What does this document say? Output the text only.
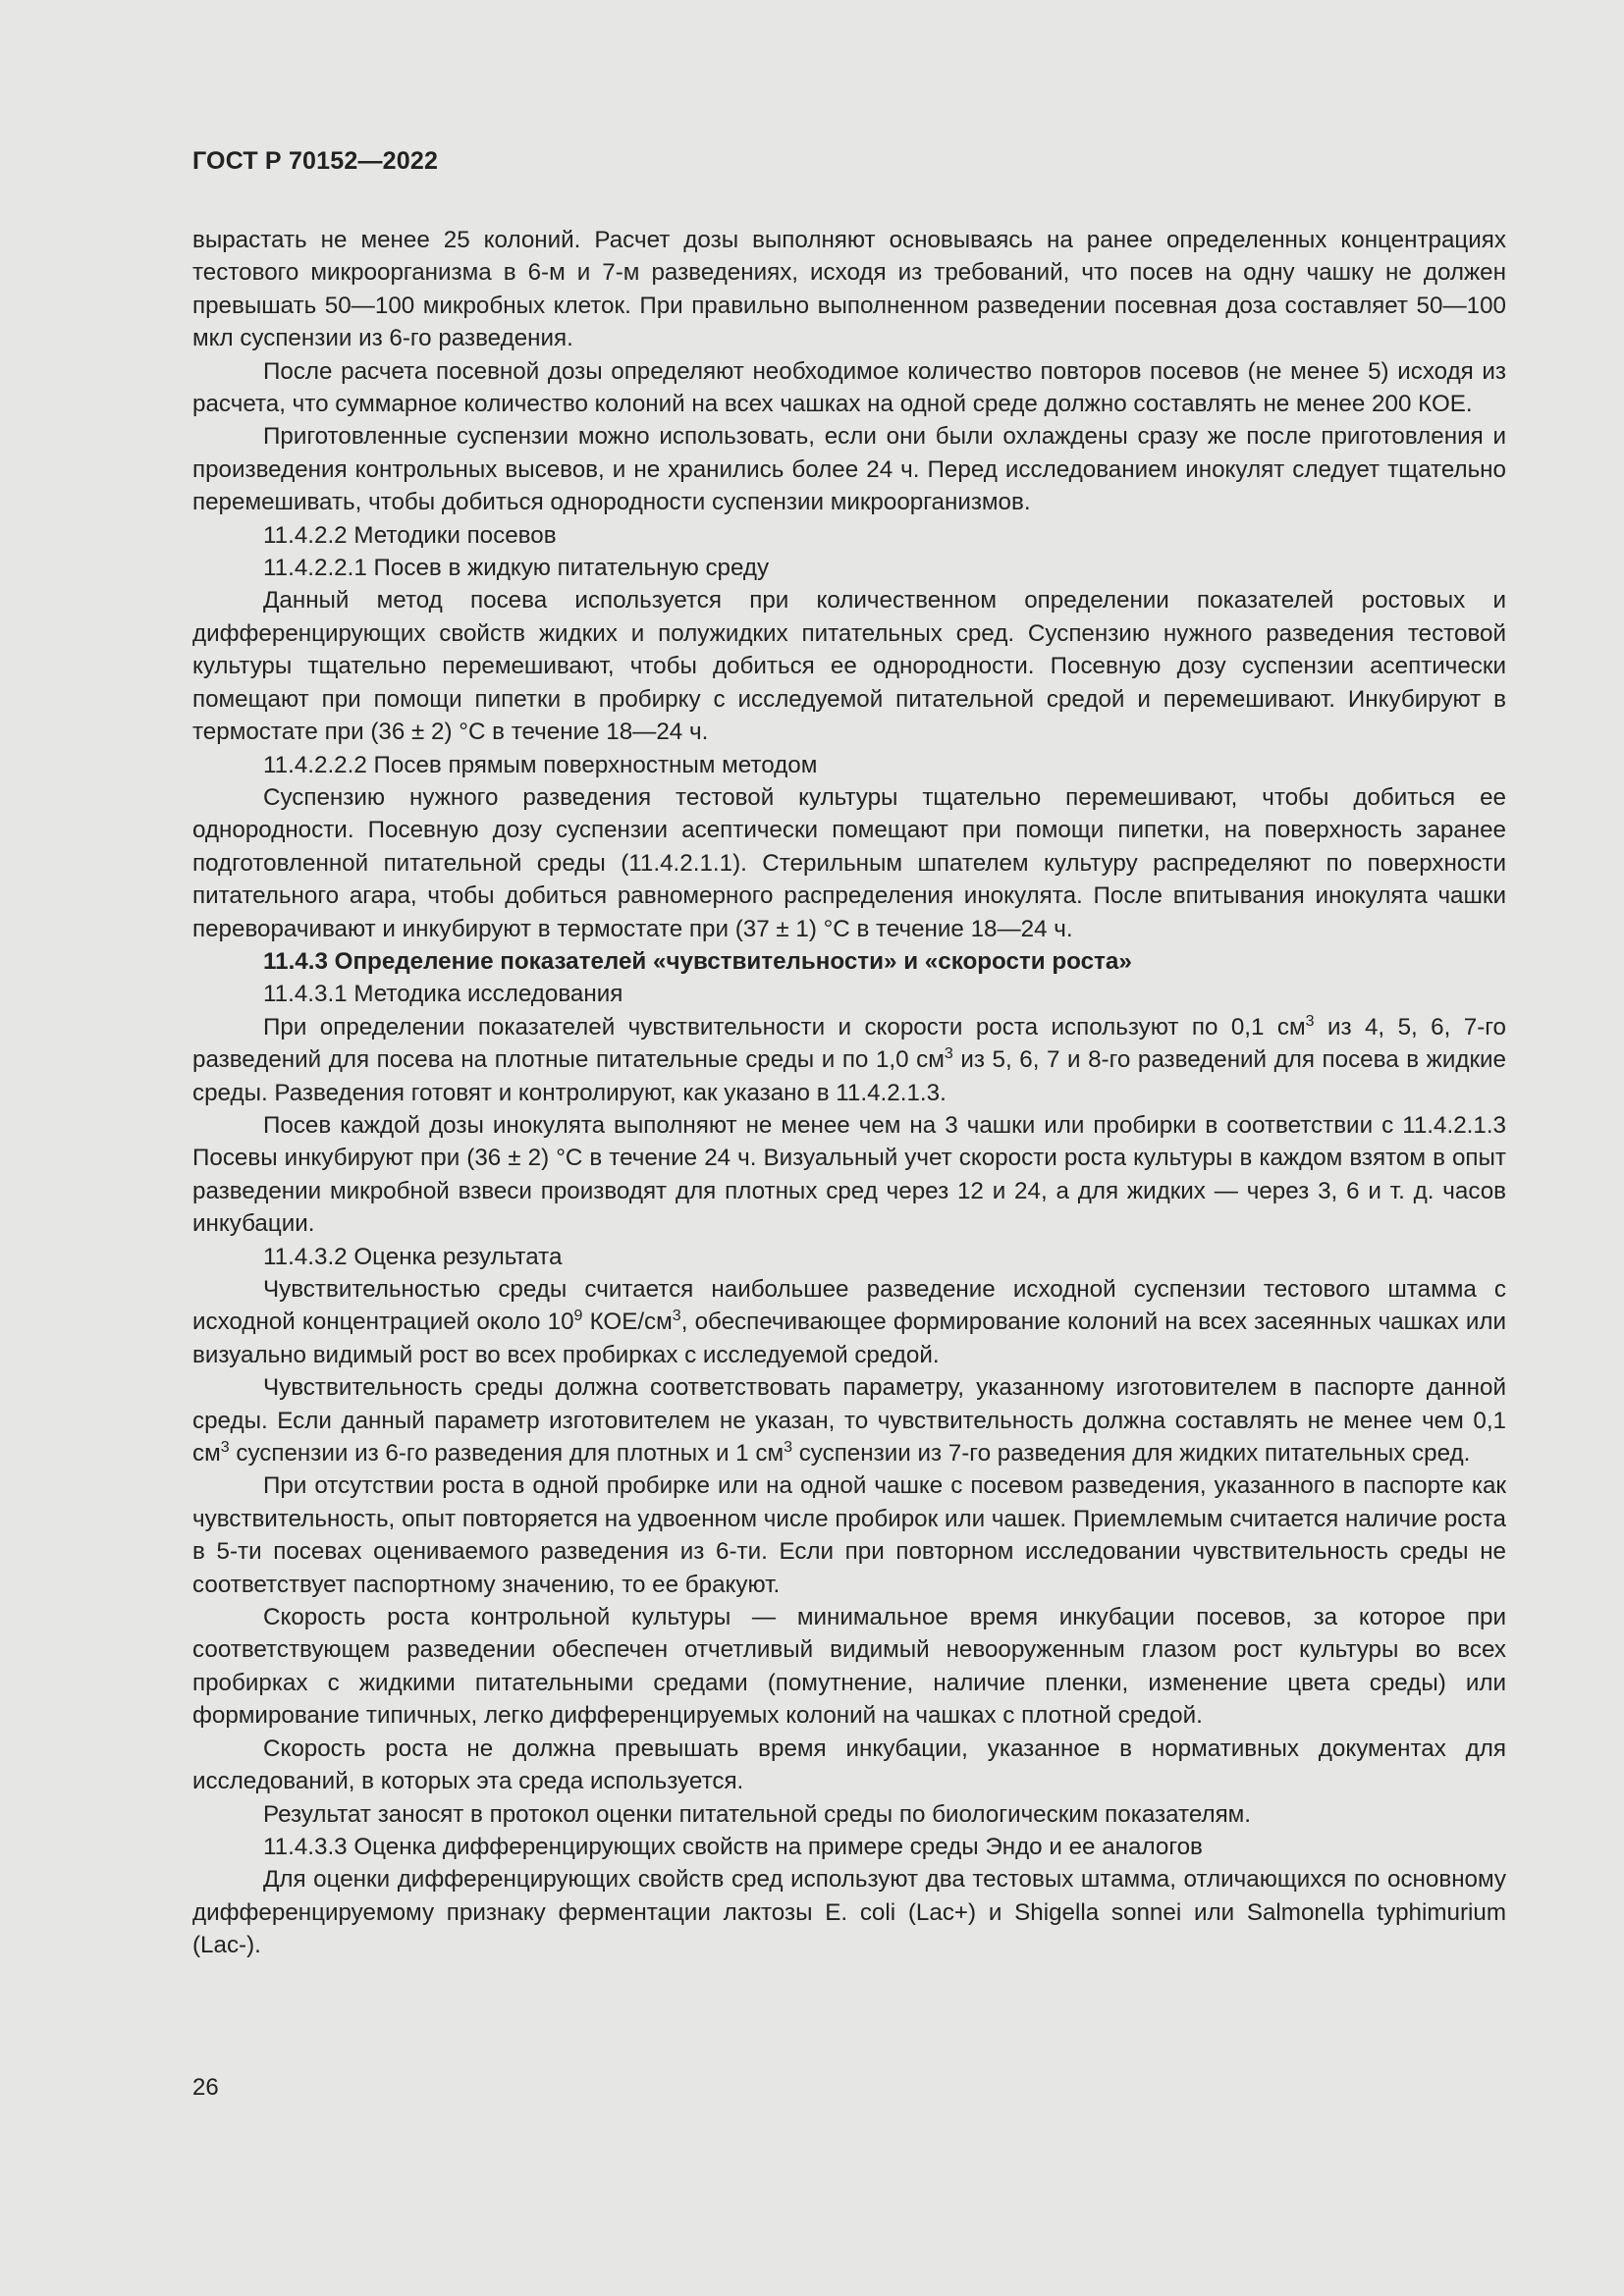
ГОСТ Р 70152—2022

вырастать не менее 25 колоний. Расчет дозы выполняют основываясь на ранее определенных концентрациях тестового микроорганизма в 6-м и 7-м разведениях, исходя из требований, что посев на одну чашку не должен превышать 50—100 микробных клеток. При правильно выполненном разведении посевная доза составляет 50—100 мкл суспензии из 6-го разведения.

После расчета посевной дозы определяют необходимое количество повторов посевов (не менее 5) исходя из расчета, что суммарное количество колоний на всех чашках на одной среде должно составлять не менее 200 КОЕ.

Приготовленные суспензии можно использовать, если они были охлаждены сразу же после приготовления и произведения контрольных высевов, и не хранились более 24 ч. Перед исследованием инокулят следует тщательно перемешивать, чтобы добиться однородности суспензии микроорганизмов.

11.4.2.2 Методики посевов

11.4.2.2.1 Посев в жидкую питательную среду

Данный метод посева используется при количественном определении показателей ростовых и дифференцирующих свойств жидких и полужидких питательных сред. Суспензию нужного разведения тестовой культуры тщательно перемешивают, чтобы добиться ее однородности. Посевную дозу суспензии асептически помещают при помощи пипетки в пробирку с исследуемой питательной средой и перемешивают. Инкубируют в термостате при (36 ± 2) °С в течение 18—24 ч.

11.4.2.2.2 Посев прямым поверхностным методом

Суспензию нужного разведения тестовой культуры тщательно перемешивают, чтобы добиться ее однородности. Посевную дозу суспензии асептически помещают при помощи пипетки, на поверхность заранее подготовленной питательной среды (11.4.2.1.1). Стерильным шпателем культуру распределяют по поверхности питательного агара, чтобы добиться равномерного распределения инокулята. После впитывания инокулята чашки переворачивают и инкубируют в термостате при (37 ± 1) °С в течение 18—24 ч.

11.4.3 Определение показателей «чувствительности» и «скорости роста»

11.4.3.1 Методика исследования

При определении показателей чувствительности и скорости роста используют по 0,1 $см^3$ из 4, 5, 6, 7-го разведений для посева на плотные питательные среды и по 1,0 $см^3$ из 5, 6, 7 и 8-го разведений для посева в жидкие среды. Разведения готовят и контролируют, как указано в 11.4.2.1.3.

Посев каждой дозы инокулята выполняют не менее чем на 3 чашки или пробирки в соответствии с 11.4.2.1.3 Посевы инкубируют при (36 ± 2) °С в течение 24 ч. Визуальный учет скорости роста культуры в каждом взятом в опыт разведении микробной взвеси производят для плотных сред через 12 и 24, а для жидких — через 3, 6 и т. д. часов инкубации.

11.4.3.2 Оценка результата

Чувствительностью среды считается наибольшее разведение исходной суспензии тестового штамма с исходной концентрацией около $10^9$ КОЕ/$см^3$, обеспечивающее формирование колоний на всех засеянных чашках или визуально видимый рост во всех пробирках с исследуемой средой.

Чувствительность среды должна соответствовать параметру, указанному изготовителем в паспорте данной среды. Если данный параметр изготовителем не указан, то чувствительность должна составлять не менее чем 0,1 $см^3$ суспензии из 6-го разведения для плотных и 1 $см^3$ суспензии из 7-го разведения для жидких питательных сред.

При отсутствии роста в одной пробирке или на одной чашке с посевом разведения, указанного в паспорте как чувствительность, опыт повторяется на удвоенном числе пробирок или чашек. Приемлемым считается наличие роста в 5-ти посевах оцениваемого разведения из 6-ти. Если при повторном исследовании чувствительность среды не соответствует паспортному значению, то ее бракуют.

Скорость роста контрольной культуры — минимальное время инкубации посевов, за которое при соответствующем разведении обеспечен отчетливый видимый невооруженным глазом рост культуры во всех пробирках с жидкими питательными средами (помутнение, наличие пленки, изменение цвета среды) или формирование типичных, легко дифференцируемых колоний на чашках с плотной средой.

Скорость роста не должна превышать время инкубации, указанное в нормативных документах для исследований, в которых эта среда используется.

Результат заносят в протокол оценки питательной среды по биологическим показателям.

11.4.3.3 Оценка дифференцирующих свойств на примере среды Эндо и ее аналогов

Для оценки дифференцирующих свойств сред используют два тестовых штамма, отличающихся по основному дифференцируемому признаку ферментации лактозы E. coli (Lac+) и Shigella sonnei или Salmonella typhimurium (Lac-).

26
